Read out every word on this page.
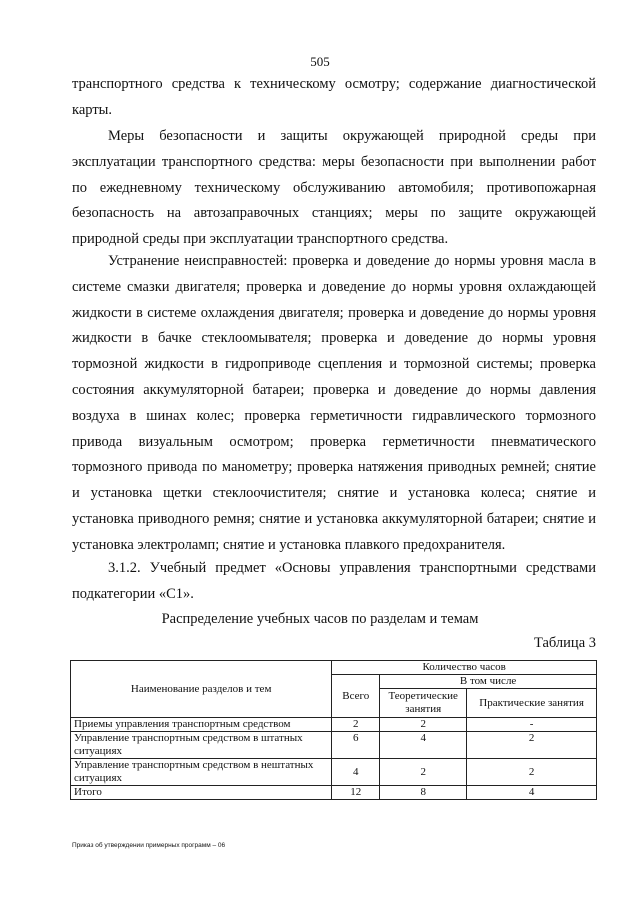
505

транспортного средства к техническому осмотру; содержание диагностической карты.

Меры безопасности и защиты окружающей природной среды при эксплуатации транспортного средства: меры безопасности при выполнении работ по ежедневному техническому обслуживанию автомобиля; противопожарная безопасность на автозаправочных станциях; меры по защите окружающей природной среды при эксплуатации транспортного средства.

Устранение неисправностей: проверка и доведение до нормы уровня масла в системе смазки двигателя; проверка и доведение до нормы уровня охлаждающей жидкости в системе охлаждения двигателя; проверка и доведение до нормы уровня жидкости в бачке стеклоомывателя; проверка и доведение до нормы уровня тормозной жидкости в гидроприводе сцепления и тормозной системы; проверка состояния аккумуляторной батареи; проверка и доведение до нормы давления воздуха в шинах колес; проверка герметичности гидравлического тормозного привода визуальным осмотром; проверка герметичности пневматического тормозного привода по манометру; проверка натяжения приводных ремней; снятие и установка щетки стеклоочистителя; снятие и установка колеса; снятие и установка приводного ремня; снятие и установка аккумуляторной батареи; снятие и установка электроламп; снятие и установка плавкого предохранителя.

3.1.2. Учебный предмет «Основы управления транспортными средствами подкатегории «C1».

Распределение учебных часов по разделам и темам
Таблица 3
Наименование разделов и тем	Количество часов		
	Всего	В том числе	
		Теоретические занятия	Практические занятия
Приемы управления транспортным средством	2	2	-
Управление транспортным средством в штатных ситуациях	6	4	2
Управление транспортным средством в нештатных ситуациях	4	2	2
Итого	12	8	4
Приказ об утверждении примерных программ – 06
